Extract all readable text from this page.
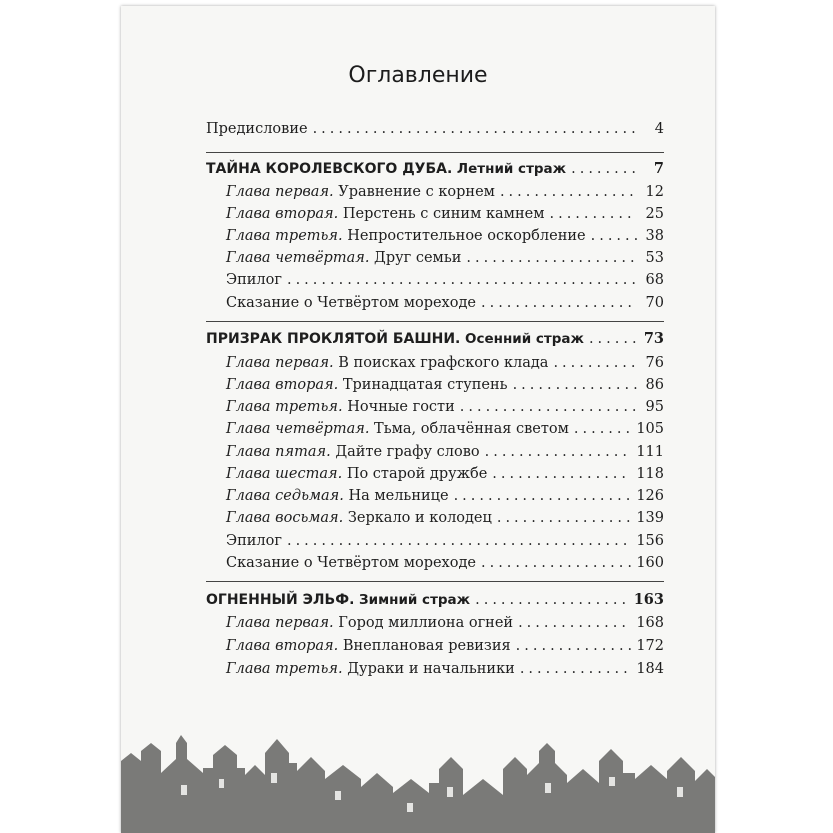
Оглавление
Предисловие .....	4
ТАЙНА КОРОЛЕВСКОГО ДУБА. Летний страж .....	7
Глава первая. Уравнение с корнем .....	12
Глава вторая. Перстень с синим камнем .....	25
Глава третья. Непростительное оскорбление .....	38
Глава четвёртая. Друг семьи .....	53
Эпилог .....	68
Сказание о Четвёртом мореходе .....	70
ПРИЗРАК ПРОКЛЯТОЙ БАШНИ. Осенний страж .....	73
Глава первая. В поисках графского клада .....	76
Глава вторая. Тринадцатая ступень .....	86
Глава третья. Ночные гости .....	95
Глава четвёртая. Тьма, облачённая светом .....	105
Глава пятая. Дайте графу слово .....	111
Глава шестая. По старой дружбе .....	118
Глава седьмая. На мельнице .....	126
Глава восьмая. Зеркало и колодец .....	139
Эпилог .....	156
Сказание о Четвёртом мореходе .....	160
ОГНЕННЫЙ ЭЛЬФ. Зимний страж .....	163
Глава первая. Город миллиона огней .....	168
Глава вторая. Внеплановая ревизия .....	172
Глава третья. Дураки и начальники .....	184
